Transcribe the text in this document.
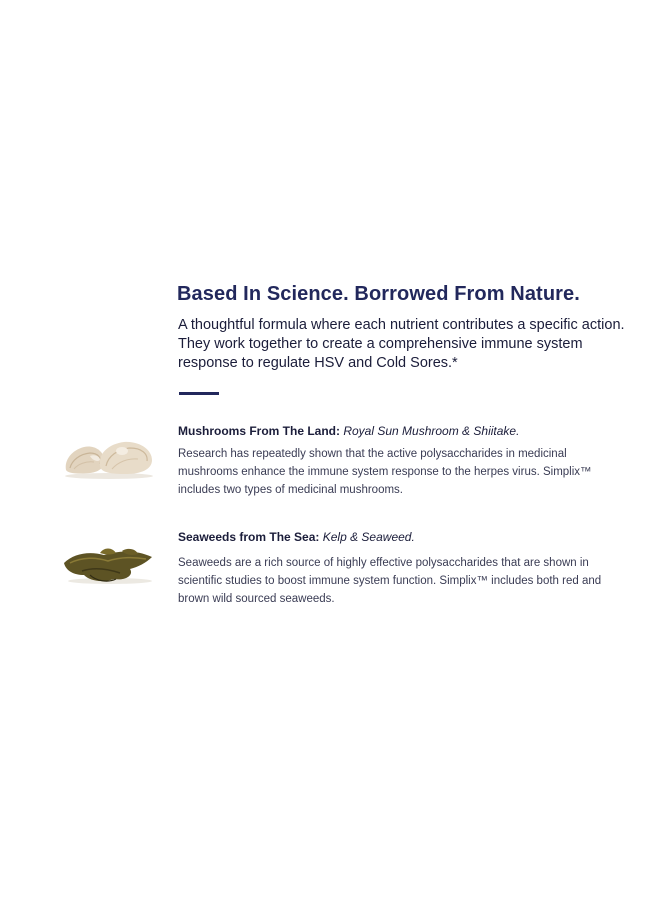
Based In Science. Borrowed From Nature.

A thoughtful formula where each nutrient contributes a specific action. They work together to create a comprehensive immune system response to regulate HSV and Cold Sores.*

Mushrooms From The Land: Royal Sun Mushroom & Shiitake.

Research has repeatedly shown that the active polysaccharides in medicinal mushrooms enhance the immune system response to the herpes virus. Simplix™ includes two types of medicinal mushrooms.

Seaweeds from The Sea: Kelp & Seaweed.

Seaweeds are a rich source of highly effective polysaccharides that are shown in scientific studies to boost immune system function. Simplix™ includes both red and brown wild sourced seaweeds.
